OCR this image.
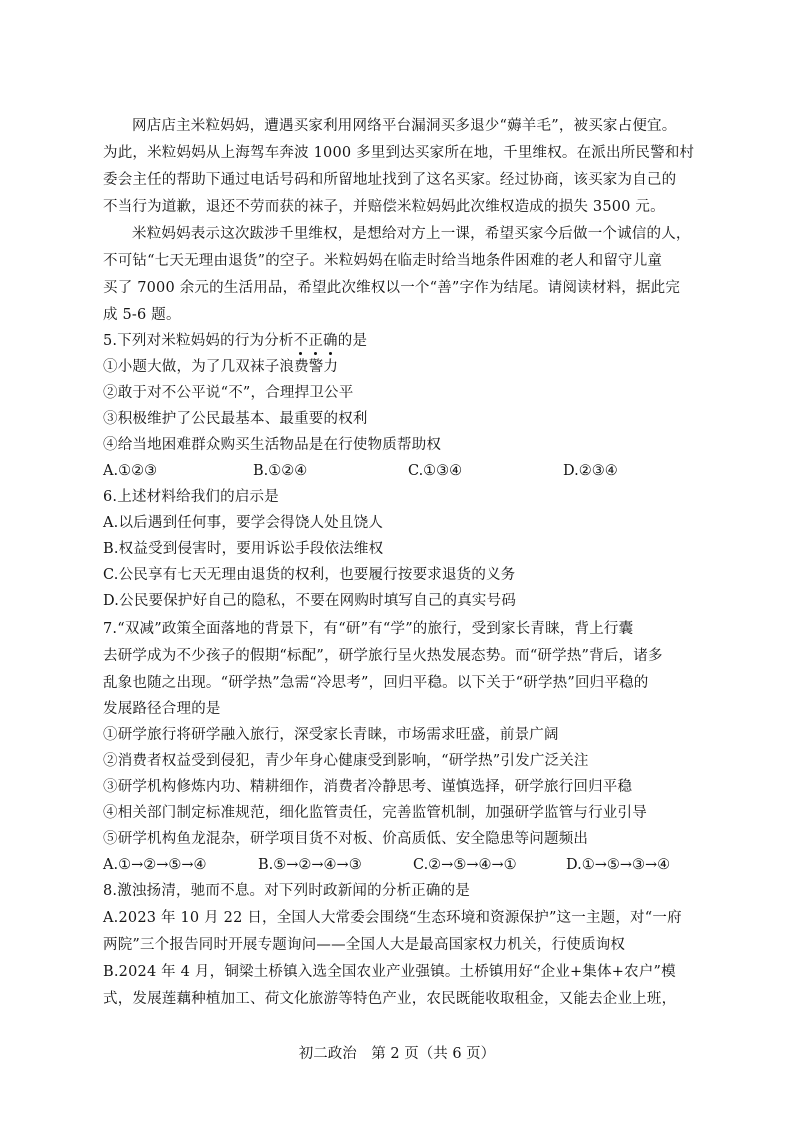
网店店主米粒妈妈，遭遇买家利用网络平台漏洞买多退少“薅羊毛”，被买家占便宜。
为此，米粒妈妈从上海驾车奔波 1000 多里到达买家所在地，千里维权。在派出所民警和村
委会主任的帮助下通过电话号码和所留地址找到了这名买家。经过协商，该买家为自己的
不当行为道歉，退还不劳而获的袜子，并赔偿米粒妈妈此次维权造成的损失 3500 元。
米粒妈妈表示这次跋涉千里维权，是想给对方上一课，希望买家今后做一个诚信的人，
不可钻“七天无理由退货”的空子。米粒妈妈在临走时给当地条件困难的老人和留守儿童
买了 7000 余元的生活用品，希望此次维权以一个“善”字作为结尾。请阅读材料，据此完
成 5-6 题。
5.下列对米粒妈妈的行为分析不正确的是
①小题大做，为了几双袜子浪费警力
②敢于对不公平说“不”，合理捍卫公平
③积极维护了公民最基本、最重要的权利
④给当地困难群众购买生活物品是在行使物质帮助权
A.①②③	B.①②④	C.①③④	D.②③④
6.上述材料给我们的启示是
A.以后遇到任何事，要学会得饶人处且饶人
B.权益受到侵害时，要用诉讼手段依法维权
C.公民享有七天无理由退货的权利，也要履行按要求退货的义务
D.公民要保护好自己的隐私，不要在网购时填写自己的真实号码
7.“双减”政策全面落地的背景下，有“研”有“学”的旅行，受到家长青睐，背上行囊
去研学成为不少孩子的假期“标配”，研学旅行呈火热发展态势。而“研学热”背后，诸多
乱象也随之出现。“研学热”急需“冷思考”，回归平稳。以下关于“研学热”回归平稳的
发展路径合理的是
①研学旅行将研学融入旅行，深受家长青睐，市场需求旺盛，前景广阔
②消费者权益受到侵犯，青少年身心健康受到影响，“研学热”引发广泛关注
③研学机构修炼内功、精耕细作，消费者冷静思考、谨慎选择，研学旅行回归平稳
④相关部门制定标准规范，细化监管责任，完善监管机制，加强研学监管与行业引导
⑤研学机构鱼龙混杂，研学项目货不对板、价高质低、安全隐患等问题频出
A.①→②→⑤→④	B.⑤→②→④→③	C.②→⑤→④→①	D.①→⑤→③→④
8.激浊扬清，驰而不息。对下列时政新闻的分析正确的是
A.2023 年 10 月 22 日，全国人大常委会围绕“生态环境和资源保护”这一主题，对“一府
两院”三个报告同时开展专题询问——全国人大是最高国家权力机关，行使质询权
B.2024 年 4 月，铜梁土桥镇入选全国农业产业强镇。土桥镇用好“企业+集体+农户”模
式，发展莲藕种植加工、荷文化旅游等特色产业，农民既能收取租金，又能去企业上班，
初二政治　第 2 页（共 6 页）
